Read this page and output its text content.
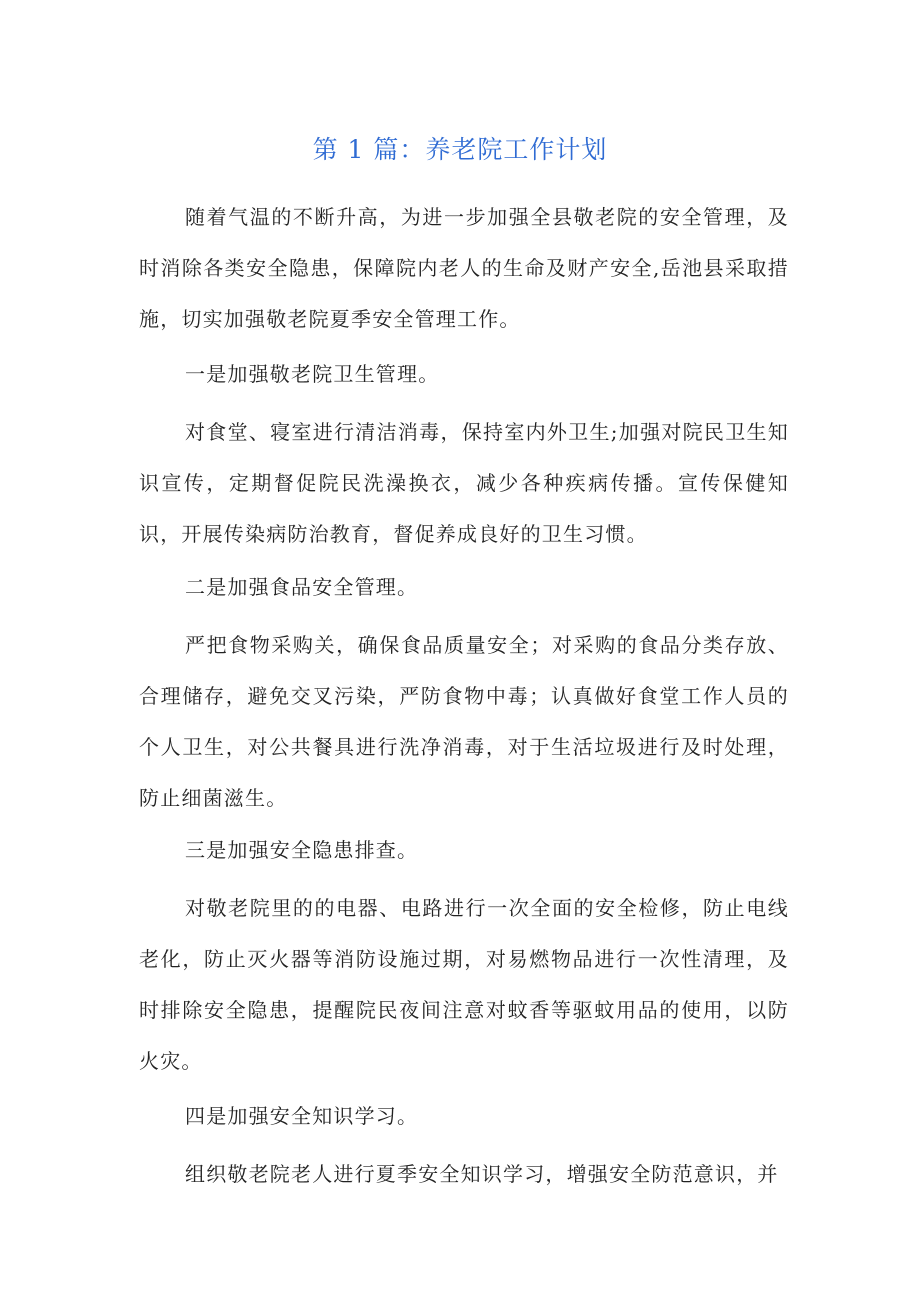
第 1 篇：养老院工作计划

随着气温的不断升高，为进一步加强全县敬老院的安全管理，及时消除各类安全隐患，保障院内老人的生命及财产安全,岳池县采取措施，切实加强敬老院夏季安全管理工作。

一是加强敬老院卫生管理。

对食堂、寝室进行清洁消毒，保持室内外卫生;加强对院民卫生知识宣传，定期督促院民洗澡换衣，减少各种疾病传播。宣传保健知识，开展传染病防治教育，督促养成良好的卫生习惯。

二是加强食品安全管理。

严把食物采购关，确保食品质量安全；对采购的食品分类存放、合理储存，避免交叉污染，严防食物中毒；认真做好食堂工作人员的个人卫生，对公共餐具进行洗净消毒，对于生活垃圾进行及时处理，防止细菌滋生。

三是加强安全隐患排查。

对敬老院里的的电器、电路进行一次全面的安全检修，防止电线老化，防止灭火器等消防设施过期，对易燃物品进行一次性清理，及时排除安全隐患，提醒院民夜间注意对蚊香等驱蚊用品的使用，以防火灾。

四是加强安全知识学习。

组织敬老院老人进行夏季安全知识学习，增强安全防范意识，并
